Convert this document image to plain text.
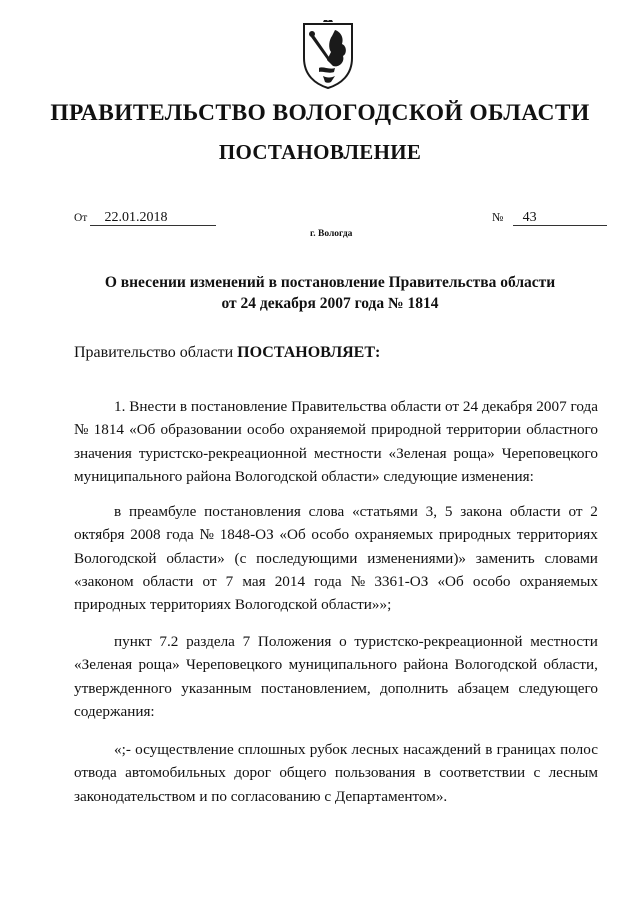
ПРАВИТЕЛЬСТВО ВОЛОГОДСКОЙ ОБЛАСТИ
ПОСТАНОВЛЕНИЕ
От 22.01.2018	№ 43
г. Вологда
О внесении изменений в постановление Правительства области
от 24 декабря 2007 года № 1814
Правительство области ПОСТАНОВЛЯЕТ:
1. Внести в постановление Правительства области от 24 декабря 2007 года
№ 1814 «Об образовании особо охраняемой природной территории областного
значения туристско-рекреационной местности «Зеленая роща» Череповецкого
муниципального района Вологодской области» следующие изменения:
в преамбуле постановления слова «статьями 3, 5 закона области от 2
октября 2008 года № 1848-ОЗ «Об особо охраняемых природных территориях
Вологодской области» (с последующими изменениями)» заменить словами
«законом области от 7 мая 2014 года № 3361-ОЗ «Об особо охраняемых
природных территориях Вологодской области»»;
пункт 7.2 раздела 7 Положения о туристско-рекреационной местности
«Зеленая роща» Череповецкого муниципального района Вологодской области,
утвержденного указанным постановлением, дополнить абзацем следующего
содержания:
«;- осуществление сплошных рубок лесных насаждений в границах полос
отвода автомобильных дорог общего пользования в соответствии с лесным
законодательством и по согласованию с Департаментом».
